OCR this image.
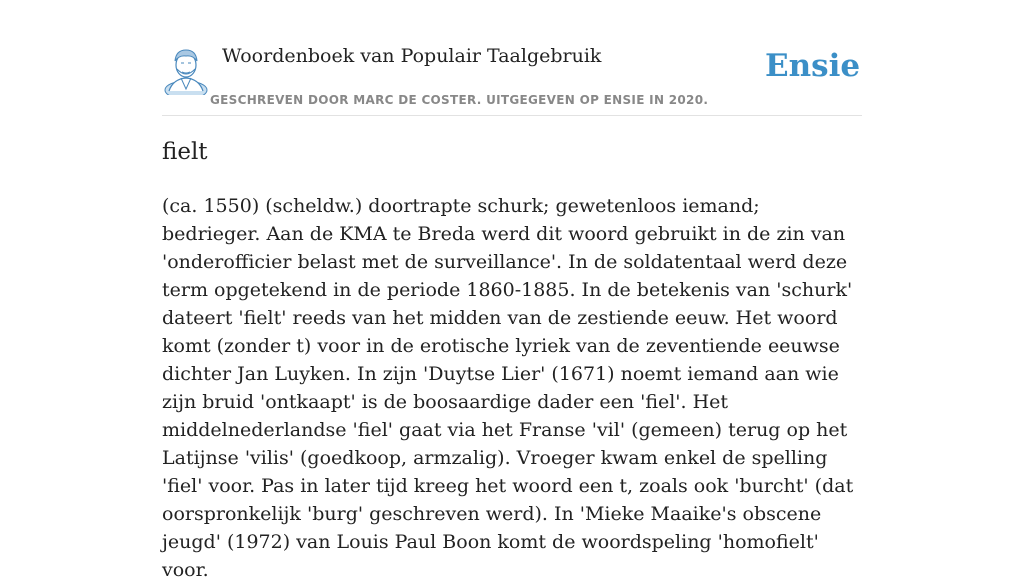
Woordenboek van Populair Taalgebruik
GESCHREVEN DOOR MARC DE COSTER. UITGEGEVEN OP ENSIE IN 2020.
Ensie
fielt

(ca. 1550) (scheldw.) doortrapte schurk; gewetenloos iemand; bedrieger. Aan de KMA te Breda werd dit woord gebruikt in de zin van 'onderofficier belast met de surveillance'. In de soldatentaal werd deze term opgetekend in de periode 1860-1885. In de betekenis van 'schurk' dateert 'fielt' reeds van het midden van de zestiende eeuw. Het woord komt (zonder t) voor in de erotische lyriek van de zeventiende eeuwse dichter Jan Luyken. In zijn 'Duytse Lier' (1671) noemt iemand aan wie zijn bruid 'ontkaapt' is de boosaardige dader een 'fiel'. Het middelnederlandse 'fiel' gaat via het Franse 'vil' (gemeen) terug op het Latijnse 'vilis' (goedkoop, armzalig). Vroeger kwam enkel de spelling 'fiel' voor. Pas in later tijd kreeg het woord een t, zoals ook 'burcht' (dat oorspronkelijk 'burg' geschreven werd). In 'Mieke Maaike's obscene jeugd' (1972) van Louis Paul Boon komt de woordspeling 'homofielt' voor.
